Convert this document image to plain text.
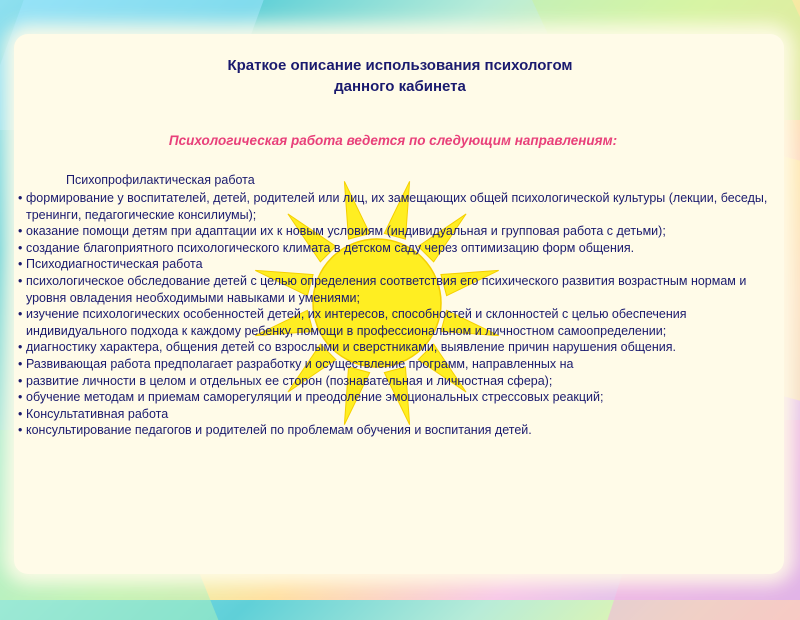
Краткое описание использования психологом
данного кабинета
Психологическая работа ведется по следующим направлениям:
Психопрофилактическая работа
• формирование у воспитателей, детей, родителей или лиц, их замещающих общей психологической культуры (лекции, беседы, тренинги, педагогические консилиумы);
• оказание помощи детям при адаптации их к новым условиям (индивидуальная и групповая работа с детьми);
• создание благоприятного психологического климата в детском саду через оптимизацию форм общения.
• Психодиагностическая работа
• психологическое обследование детей с целью определения соответствия его психического развития возрастным нормам и уровня овладения необходимыми навыками и умениями;
• изучение психологических особенностей детей, их интересов, способностей и склонностей с целью обеспечения индивидуального подхода к каждому ребенку, помощи в профессиональном и личностном самоопределении;
• диагностику характера, общения детей со взрослыми и сверстниками, выявление причин нарушения общения.
• Развивающая работа предполагает разработку и осуществление программ, направленных на
• развитие личности в целом и отдельных ее сторон (познавательная и личностная сфера);
• обучение методам и приемам саморегуляции и преодоление эмоциональных стрессовых реакций;
• Консультативная работа
• консультирование педагогов и родителей по проблемам обучения и воспитания детей.
